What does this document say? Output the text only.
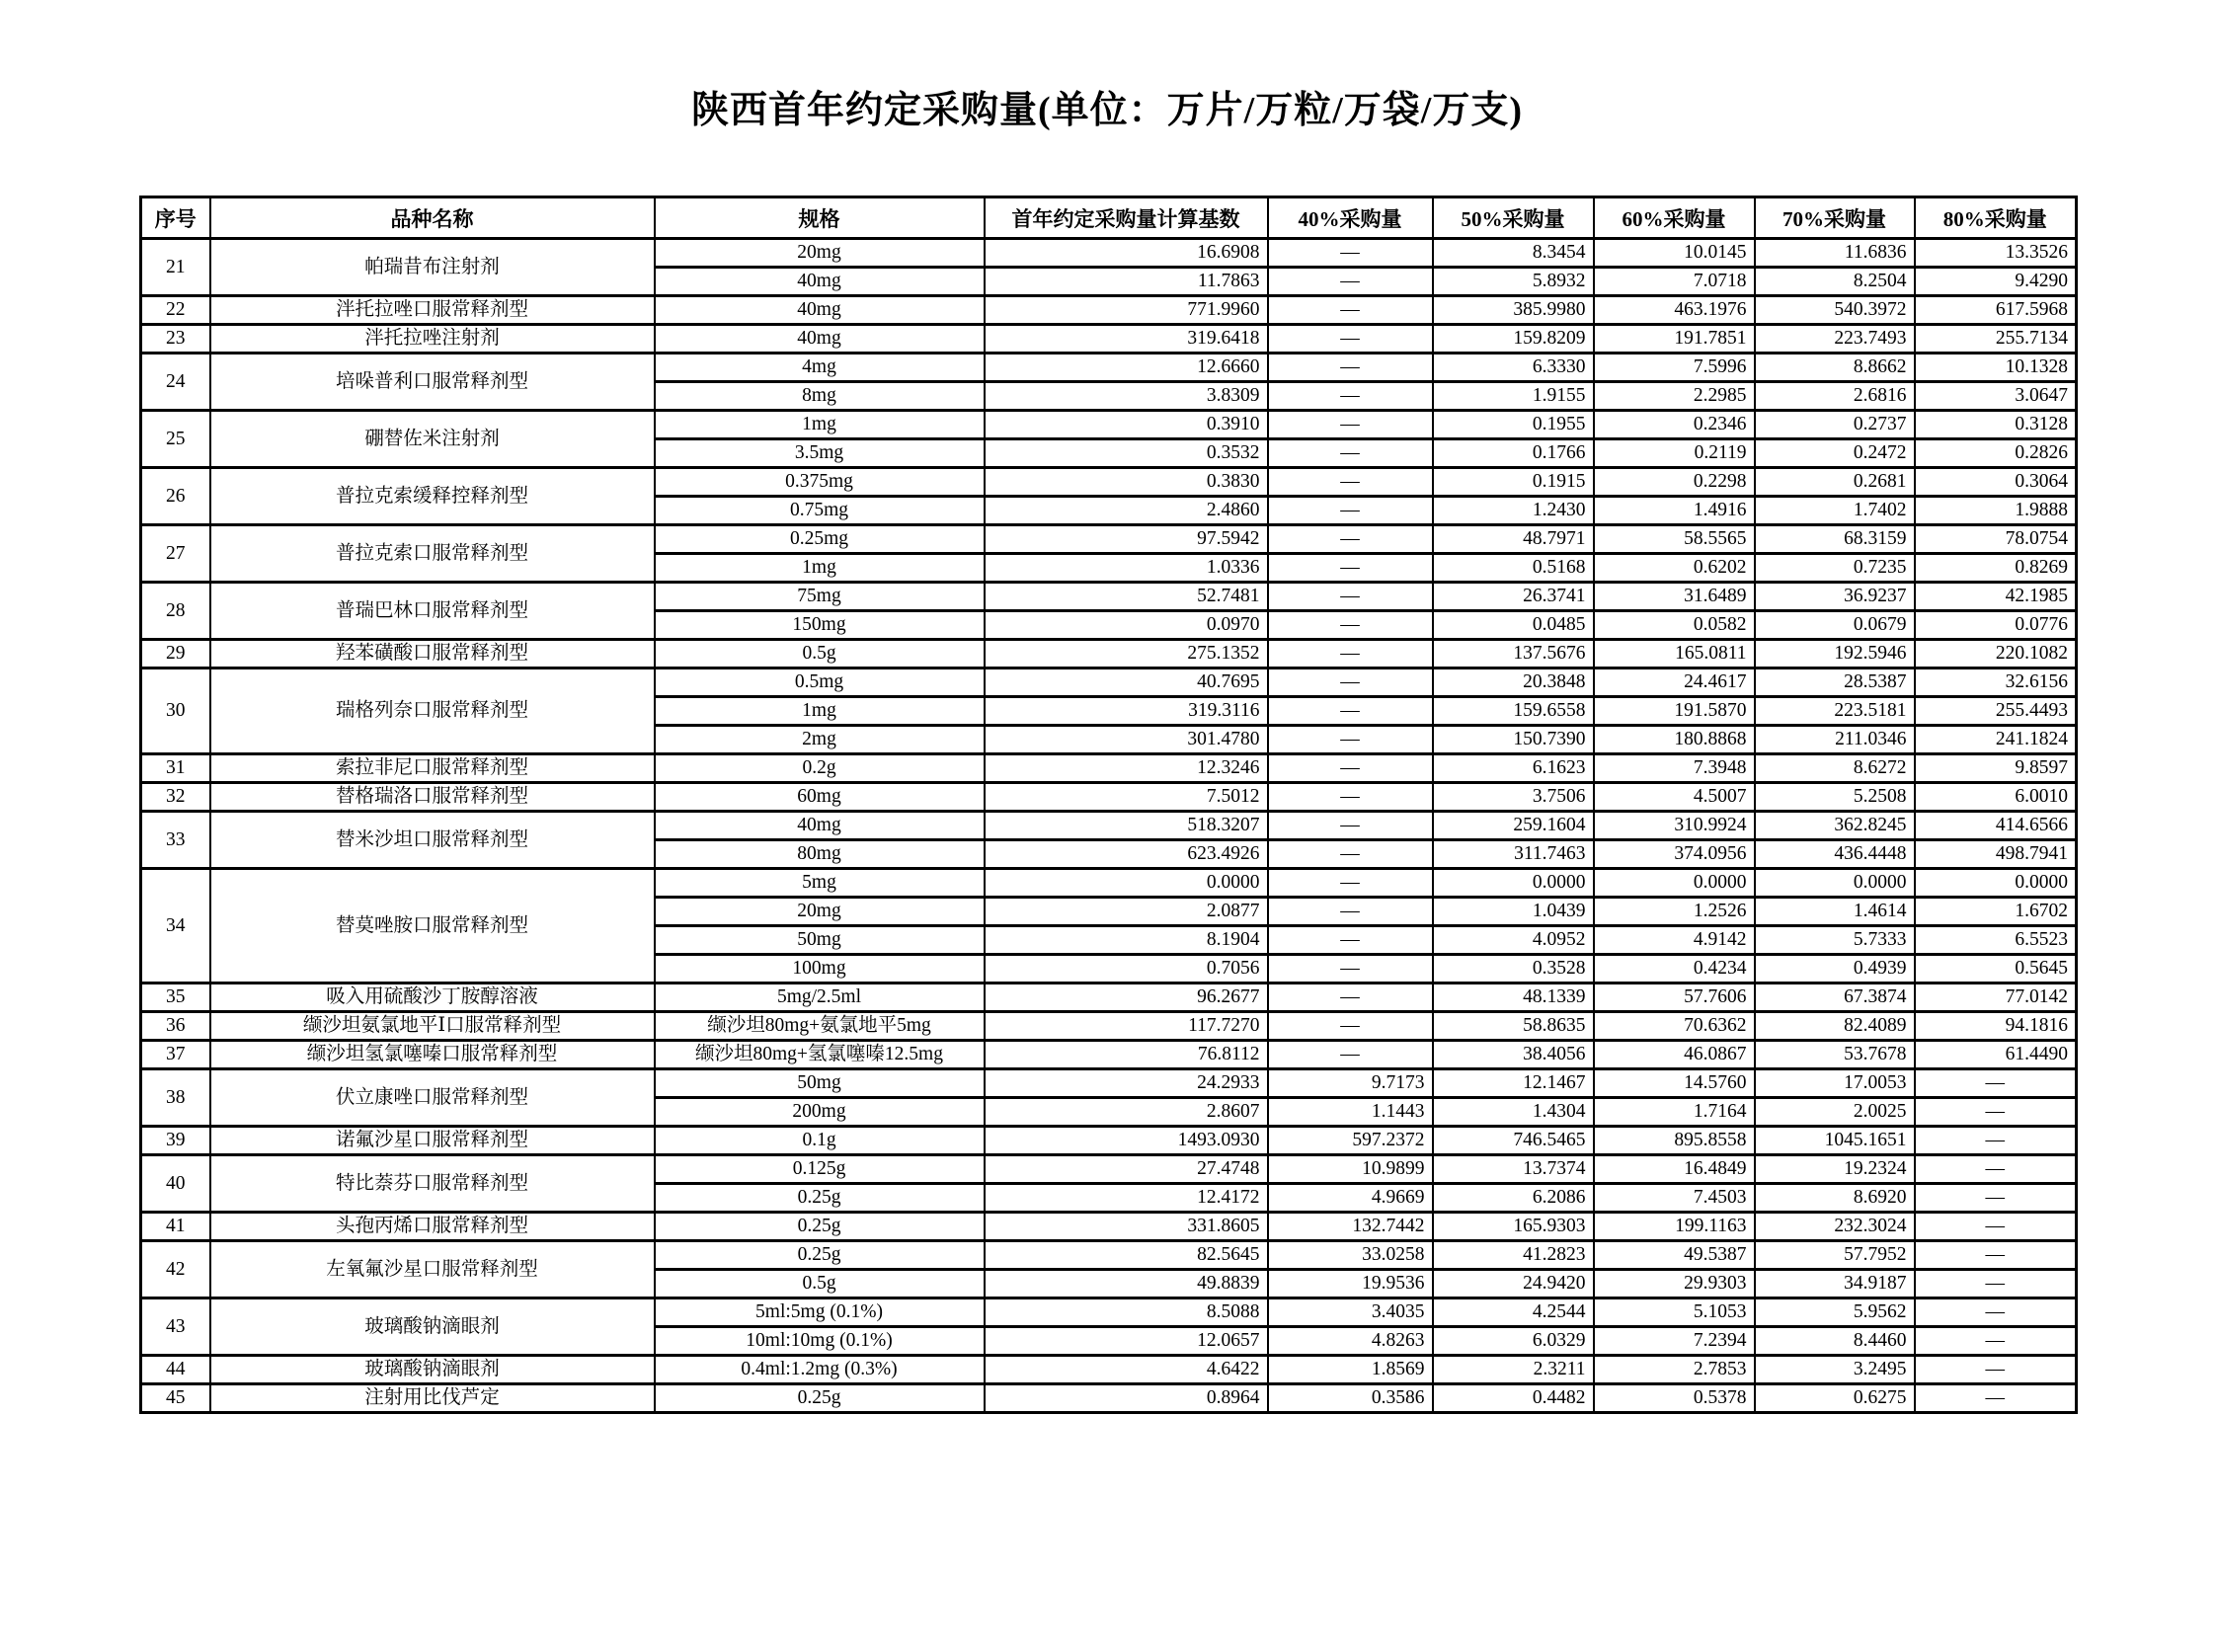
陕西首年约定采购量(单位：万片/万粒/万袋/万支)
序号	品种名称	规格	首年约定采购量计算基数	40%采购量	50%采购量	60%采购量	70%采购量	80%采购量
21	帕瑞昔布注射剂	20mg	16.6908	—	8.3454	10.0145	11.6836	13.3526
		40mg	11.7863	—	5.8932	7.0718	8.2504	9.4290
22	泮托拉唑口服常释剂型	40mg	771.9960	—	385.9980	463.1976	540.3972	617.5968
23	泮托拉唑注射剂	40mg	319.6418	—	159.8209	191.7851	223.7493	255.7134
24	培哚普利口服常释剂型	4mg	12.6660	—	6.3330	7.5996	8.8662	10.1328
		8mg	3.8309	—	1.9155	2.2985	2.6816	3.0647
25	硼替佐米注射剂	1mg	0.3910	—	0.1955	0.2346	0.2737	0.3128
		3.5mg	0.3532	—	0.1766	0.2119	0.2472	0.2826
26	普拉克索缓释控释剂型	0.375mg	0.3830	—	0.1915	0.2298	0.2681	0.3064
		0.75mg	2.4860	—	1.2430	1.4916	1.7402	1.9888
27	普拉克索口服常释剂型	0.25mg	97.5942	—	48.7971	58.5565	68.3159	78.0754
		1mg	1.0336	—	0.5168	0.6202	0.7235	0.8269
28	普瑞巴林口服常释剂型	75mg	52.7481	—	26.3741	31.6489	36.9237	42.1985
		150mg	0.0970	—	0.0485	0.0582	0.0679	0.0776
29	羟苯磺酸口服常释剂型	0.5g	275.1352	—	137.5676	165.0811	192.5946	220.1082
30	瑞格列奈口服常释剂型	0.5mg	40.7695	—	20.3848	24.4617	28.5387	32.6156
		1mg	319.3116	—	159.6558	191.5870	223.5181	255.4493
		2mg	301.4780	—	150.7390	180.8868	211.0346	241.1824
31	索拉非尼口服常释剂型	0.2g	12.3246	—	6.1623	7.3948	8.6272	9.8597
32	替格瑞洛口服常释剂型	60mg	7.5012	—	3.7506	4.5007	5.2508	6.0010
33	替米沙坦口服常释剂型	40mg	518.3207	—	259.1604	310.9924	362.8245	414.6566
		80mg	623.4926	—	311.7463	374.0956	436.4448	498.7941
34	替莫唑胺口服常释剂型	5mg	0.0000	—	0.0000	0.0000	0.0000	0.0000
		20mg	2.0877	—	1.0439	1.2526	1.4614	1.6702
		50mg	8.1904	—	4.0952	4.9142	5.7333	6.5523
		100mg	0.7056	—	0.3528	0.4234	0.4939	0.5645
35	吸入用硫酸沙丁胺醇溶液	5mg/2.5ml	96.2677	—	48.1339	57.7606	67.3874	77.0142
36	缬沙坦氨氯地平Ⅰ口服常释剂型	缬沙坦80mg+氨氯地平5mg	117.7270	—	58.8635	70.6362	82.4089	94.1816
37	缬沙坦氢氯噻嗪口服常释剂型	缬沙坦80mg+氢氯噻嗪12.5mg	76.8112	—	38.4056	46.0867	53.7678	61.4490
38	伏立康唑口服常释剂型	50mg	24.2933	9.7173	12.1467	14.5760	17.0053	—
		200mg	2.8607	1.1443	1.4304	1.7164	2.0025	—
39	诺氟沙星口服常释剂型	0.1g	1493.0930	597.2372	746.5465	895.8558	1045.1651	—
40	特比萘芬口服常释剂型	0.125g	27.4748	10.9899	13.7374	16.4849	19.2324	—
		0.25g	12.4172	4.9669	6.2086	7.4503	8.6920	—
41	头孢丙烯口服常释剂型	0.25g	331.8605	132.7442	165.9303	199.1163	232.3024	—
42	左氧氟沙星口服常释剂型	0.25g	82.5645	33.0258	41.2823	49.5387	57.7952	—
		0.5g	49.8839	19.9536	24.9420	29.9303	34.9187	—
43	玻璃酸钠滴眼剂	5ml:5mg (0.1%)	8.5088	3.4035	4.2544	5.1053	5.9562	—
		10ml:10mg (0.1%)	12.0657	4.8263	6.0329	7.2394	8.4460	—
44	玻璃酸钠滴眼剂	0.4ml:1.2mg (0.3%)	4.6422	1.8569	2.3211	2.7853	3.2495	—
45	注射用比伐芦定	0.25g	0.8964	0.3586	0.4482	0.5378	0.6275	—
